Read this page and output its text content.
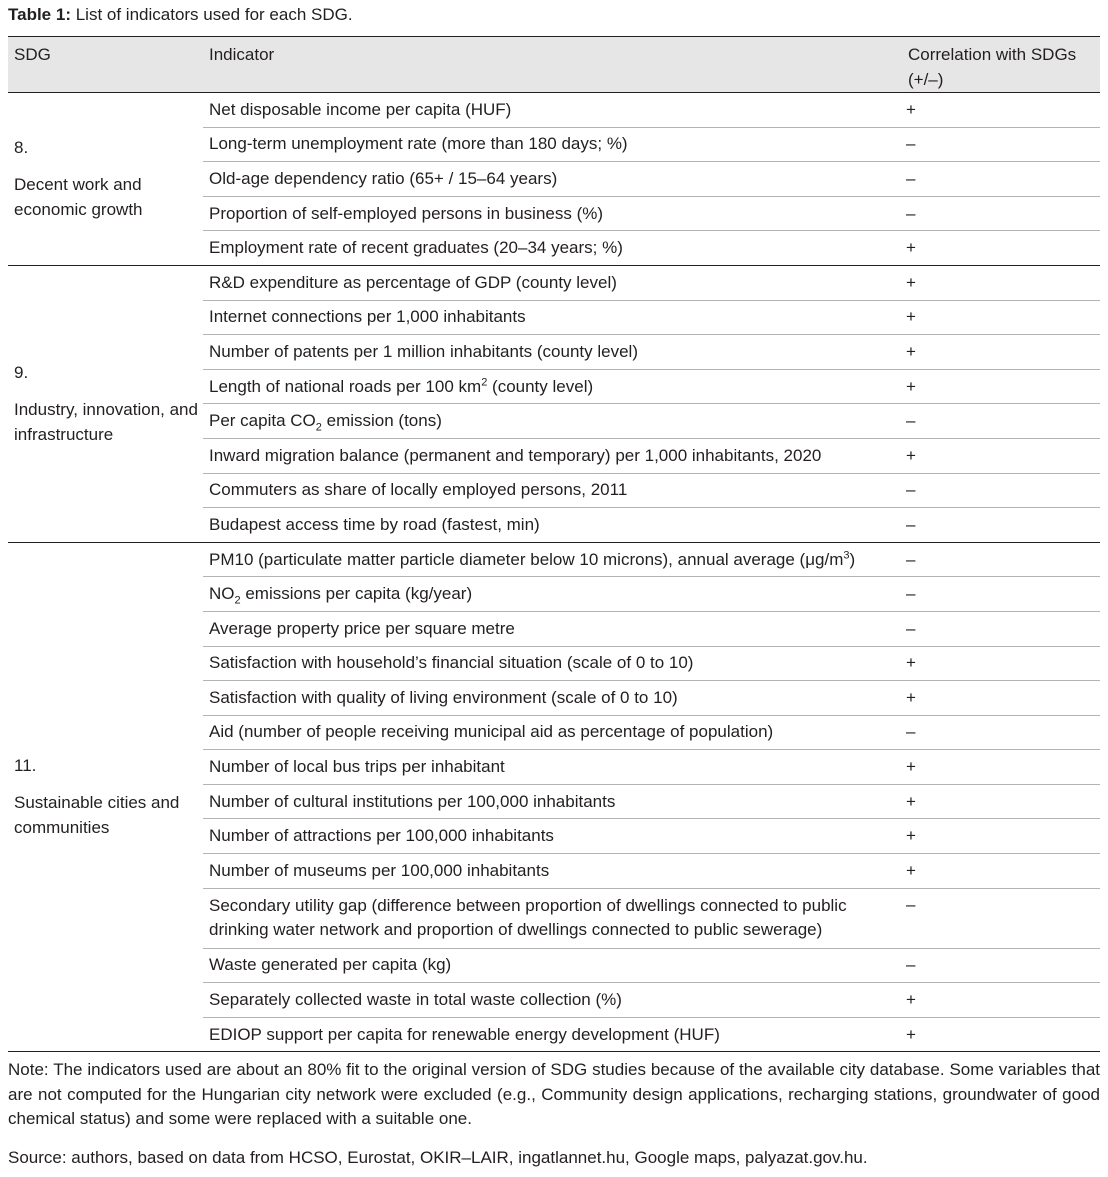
Table 1: List of indicators used for each SDG.
SDG	Indicator	Correlation with SDGs (+/–)

8.
Decent work and economic growth	Net disposable income per capita (HUF)	+
	Long-term unemployment rate (more than 180 days; %)	–
	Old-age dependency ratio (65+ / 15–64 years)	–
	Proportion of self-employed persons in business (%)	–
	Employment rate of recent graduates (20–34 years; %)	+

9.
Industry, innovation, and infrastructure	R&D expenditure as percentage of GDP (county level)	+
	Internet connections per 1,000 inhabitants	+
	Number of patents per 1 million inhabitants (county level)	+
	Length of national roads per 100 $km^2$ (county level)	+
	Per capita $CO_2$ emission (tons)	–
	Inward migration balance (permanent and temporary) per 1,000 inhabitants, 2020	+
	Commuters as share of locally employed persons, 2011	–
	Budapest access time by road (fastest, min)	–

11.
Sustainable cities and communities	PM10 (particulate matter particle diameter below 10 microns), annual average $(\mu g/m^3)$	–
	$NO_2$ emissions per capita (kg/year)	–
	Average property price per square metre	–
	Satisfaction with household’s financial situation (scale of 0 to 10)	+
	Satisfaction with quality of living environment (scale of 0 to 10)	+
	Aid (number of people receiving municipal aid as percentage of population)	–
	Number of local bus trips per inhabitant	+
	Number of cultural institutions per 100,000 inhabitants	+
	Number of attractions per 100,000 inhabitants	+
	Number of museums per 100,000 inhabitants	+
	Secondary utility gap (difference between proportion of dwellings connected to public drinking water network and proportion of dwellings connected to public sewerage)	–
	Waste generated per capita (kg)	–
	Separately collected waste in total waste collection (%)	+
	EDIOP support per capita for renewable energy development (HUF)	+
Note: The indicators used are about an 80% fit to the original version of SDG studies because of the available city database. Some variables that are not computed for the Hungarian city network were excluded (e.g., Community design applications, recharging stations, groundwater of good chemical status) and some were replaced with a suitable one.
Source: authors, based on data from HCSO, Eurostat, OKIR–LAIR, ingatlannet.hu, Google maps, palyazat.gov.hu.
